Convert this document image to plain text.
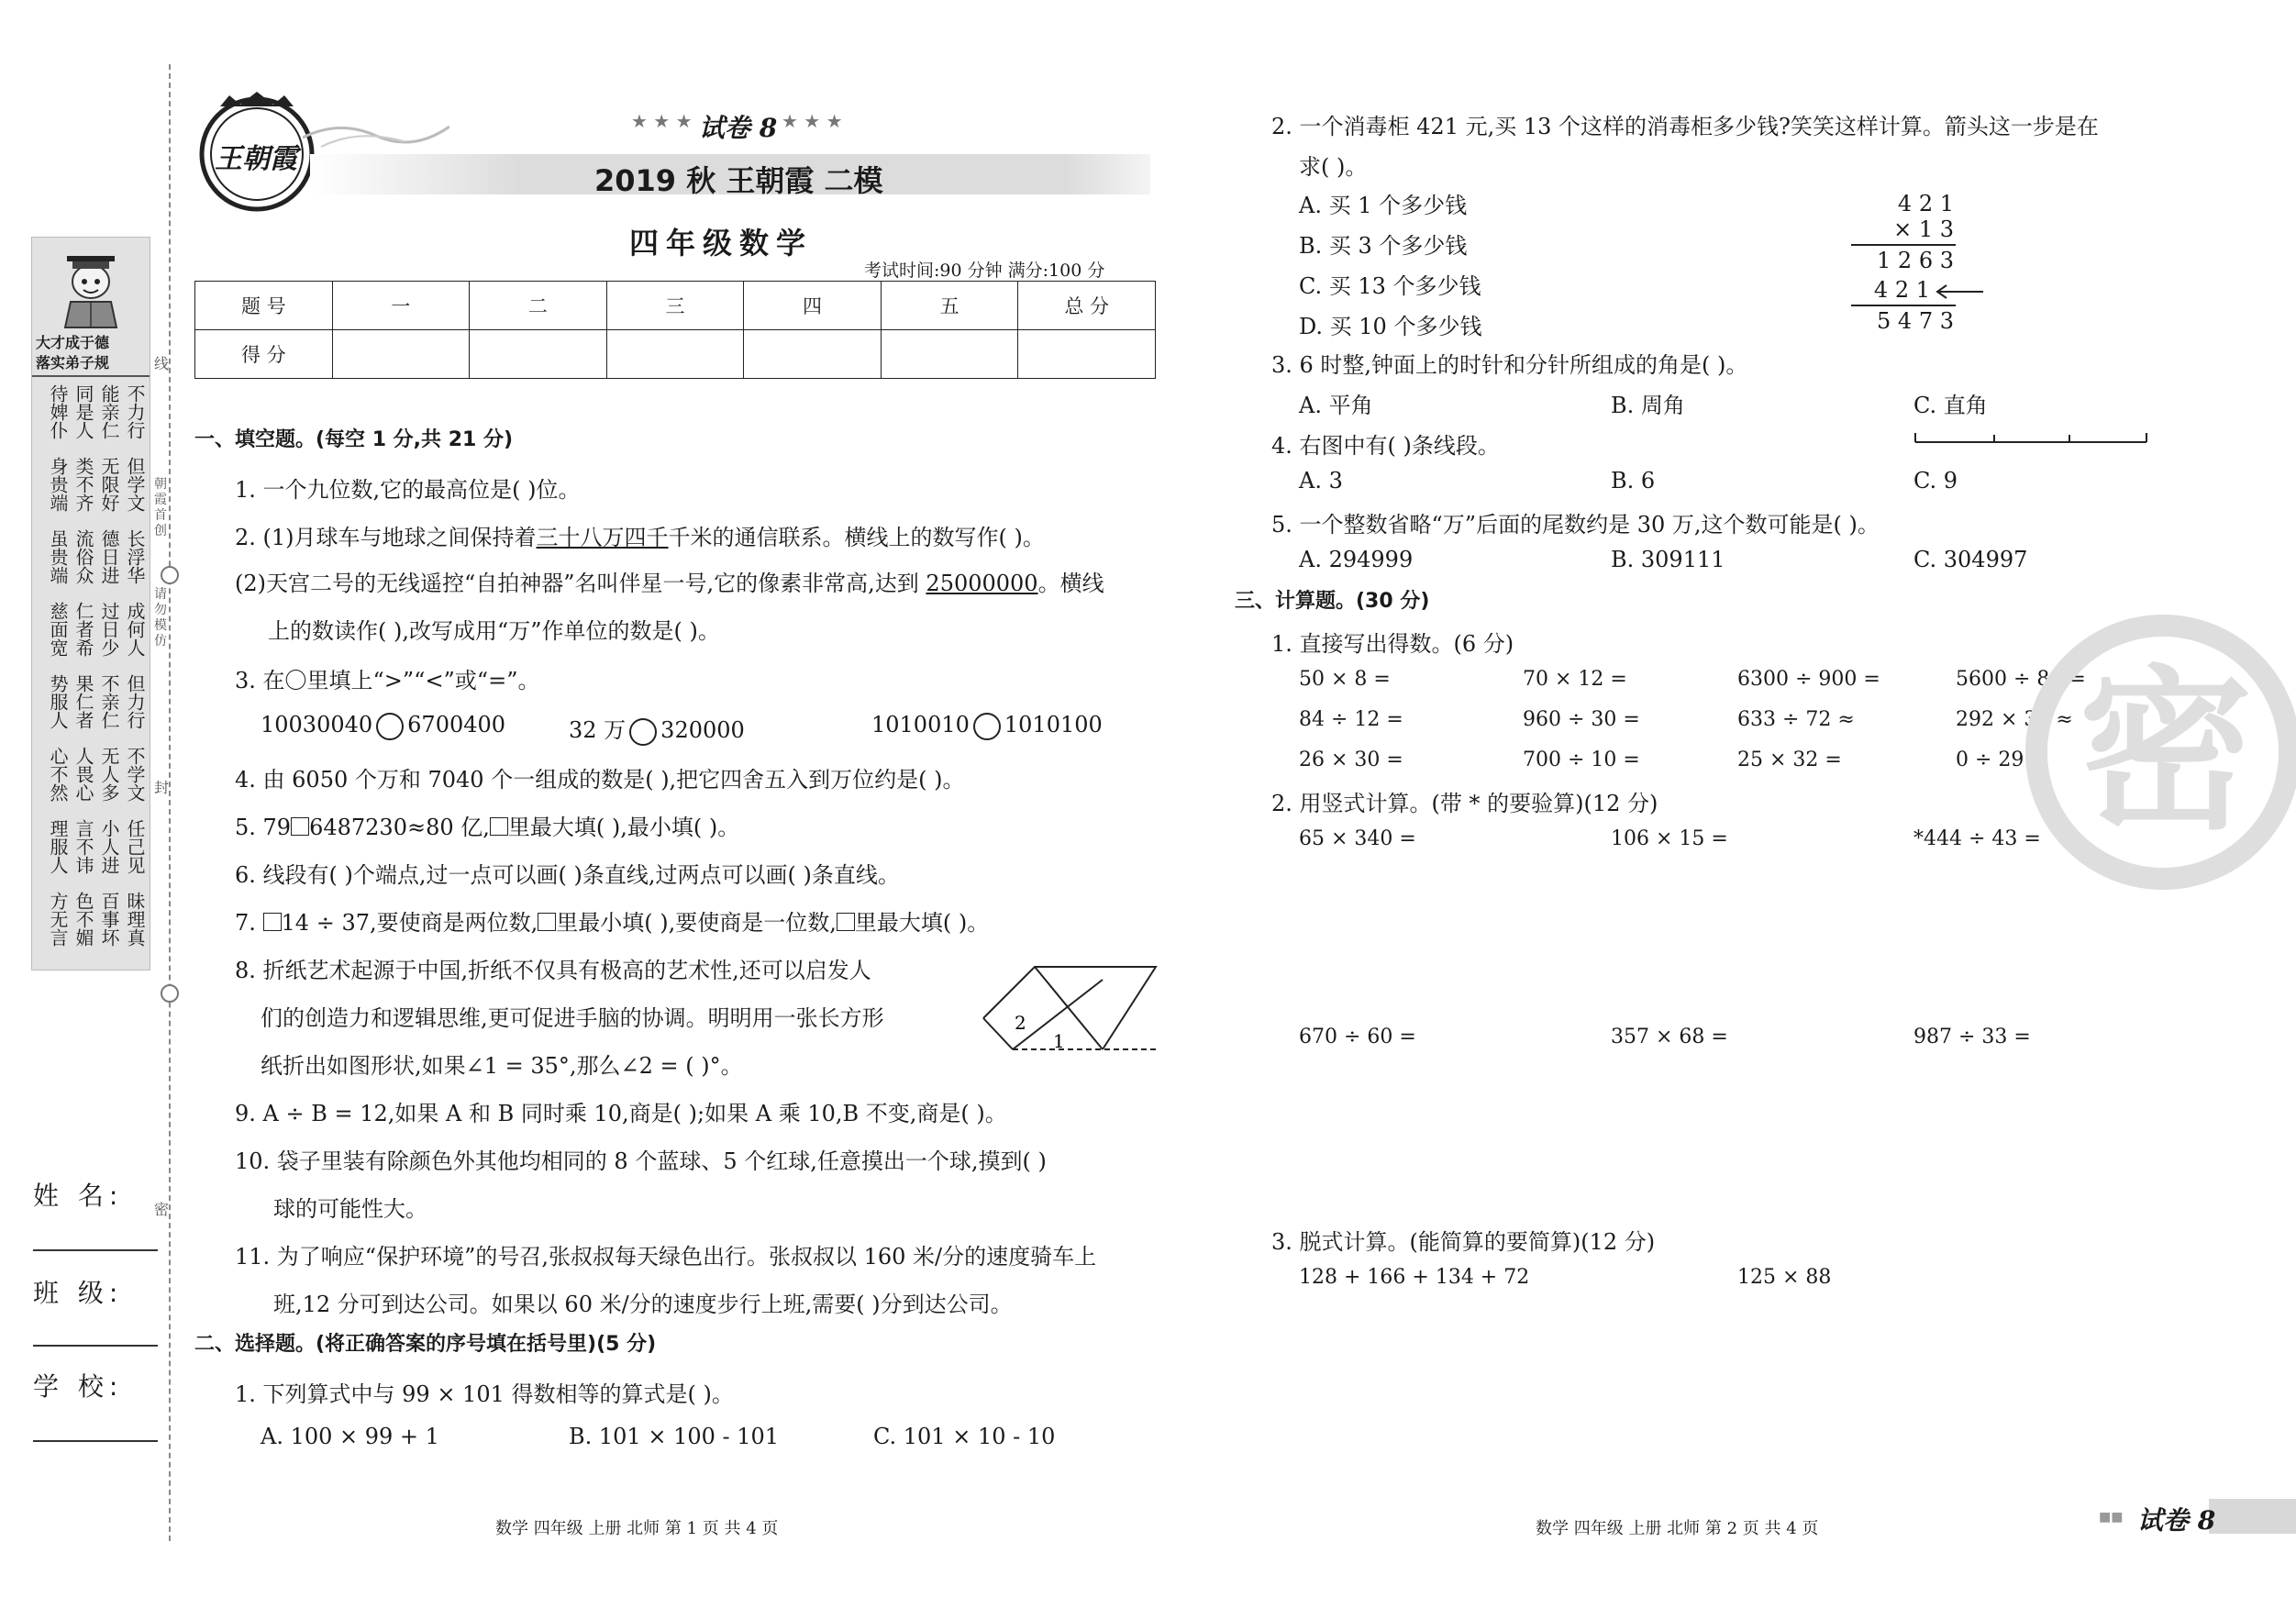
大才成于德
落实弟子规
不力行
能亲仁
同是人
待婢仆
但学文
无限好
类不齐
身贵端
长浮华
德日进
流俗众
虽贵端
成何人
过日少
仁者希
慈面宽
但力行
不亲仁
果仁者
势服人
不学文
无人多
人畏心
心不然
任己见
小人进
言不讳
理服人
昧理真
百事坏
色不媚
方无言
线
朝霞首创
请勿模仿
封
密
姓 名:
班 级:
学 校:
王朝霞
★ ★ ★ 试卷 8 ★ ★ ★
2019 秋 王朝霞 二模
四年级数学
考试时间:90 分钟 满分:100 分
题 号	一	二	三	四	五	总 分
得 分						
一、填空题。(每空 1 分,共 21 分)
1. 一个九位数,它的最高位是( )位。
2. (1)月球车与地球之间保持着三十八万四千千米的通信联系。横线上的数写作( )。
(2)天宫二号的无线遥控“自拍神器”名叫伴星一号,它的像素非常高,达到 25000000。横线
上的数读作( ),改写成用“万”作单位的数是( )。
3. 在〇里填上“>”“<”或“=”。
10030040 6700400	32 万 320000	1010010 1010100
4. 由 6050 个万和 7040 个一组成的数是( ),把它四舍五入到万位约是( )。
5. 79 6487230≈80 亿, 里最大填( ),最小填( )。
6. 线段有( )个端点,过一点可以画( )条直线,过两点可以画( )条直线。
7. 14 ÷ 37,要使商是两位数, 里最小填( ),要使商是一位数, 里最大填( )。
8. 折纸艺术起源于中国,折纸不仅具有极高的艺术性,还可以启发人
们的创造力和逻辑思维,更可促进手脑的协调。明明用一张长方形
纸折出如图形状,如果∠1 = 35°,那么∠2 = ( )°。
2
1
9. A ÷ B = 12,如果 A 和 B 同时乘 10,商是( );如果 A 乘 10,B 不变,商是( )。
10. 袋子里装有除颜色外其他均相同的 8 个蓝球、5 个红球,任意摸出一个球,摸到( )
球的可能性大。
11. 为了响应“保护环境”的号召,张叔叔每天绿色出行。张叔叔以 160 米/分的速度骑车上
班,12 分可到达公司。如果以 60 米/分的速度步行上班,需要( )分到达公司。
二、选择题。(将正确答案的序号填在括号里)(5 分)
1. 下列算式中与 99 × 101 得数相等的算式是( )。
A. 100 × 99 + 1	B. 101 × 100 - 101	C. 101 × 10 - 10
数学 四年级 上册 北师 第 1 页 共 4 页
2. 一个消毒柜 421 元,买 13 个这样的消毒柜多少钱?笑笑这样计算。箭头这一步是在
求( )。
A. 买 1 个多少钱
B. 买 3 个多少钱
C. 买 13 个多少钱
D. 买 10 个多少钱
4 2 1
× 1 3
1 2 6 3
4 2 1
5 4 7 3
3. 6 时整,钟面上的时针和分针所组成的角是( )。
A. 平角	B. 周角	C. 直角
4. 右图中有( )条线段。
A. 3	B. 6	C. 9
5. 一个整数省略“万”后面的尾数约是 30 万,这个数可能是( )。
A. 294999	B. 309111	C. 304997
三、计算题。(30 分)
1. 直接写出得数。(6 分)
50 × 8 =	70 × 12 =	6300 ÷ 900 =	5600 ÷ 80 =
84 ÷ 12 =	960 ÷ 30 =	633 ÷ 72 ≈	292 × 31 ≈
26 × 30 =	700 ÷ 10 =	25 × 32 =	0 ÷ 29 =
2. 用竖式计算。(带 * 的要验算)(12 分)
65 × 340 =	106 × 15 =	*444 ÷ 43 =
670 ÷ 60 =	357 × 68 =	987 ÷ 33 =
3. 脱式计算。(能简算的要简算)(12 分)
128 + 166 + 134 + 72	125 × 88
密
数学 四年级 上册 北师 第 2 页 共 4 页
■■ 试卷 8
